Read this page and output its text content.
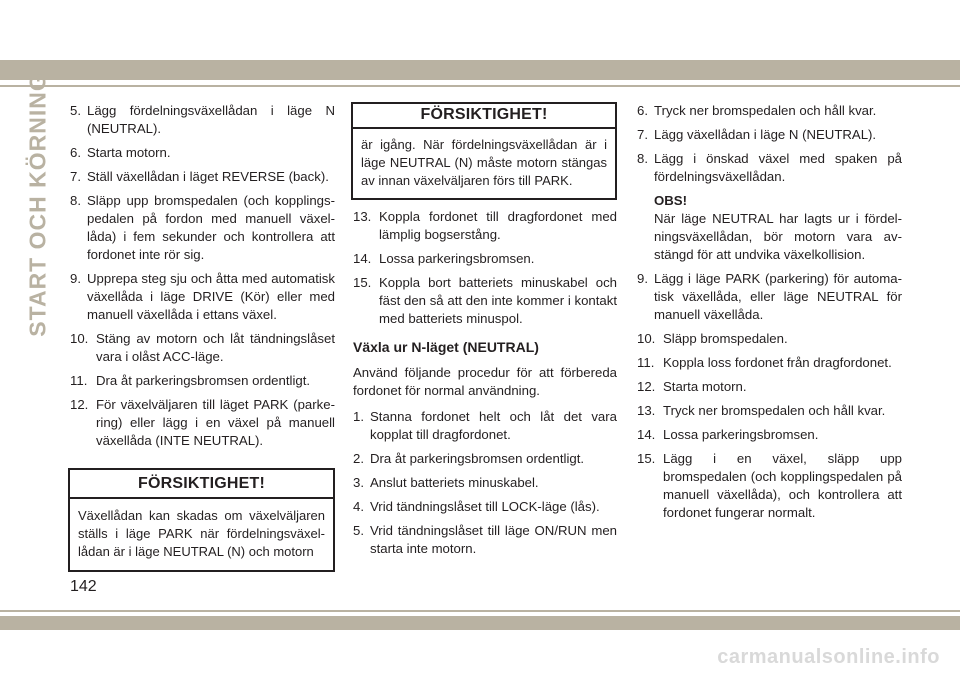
START OCH KÖRNING 5. Lägg fördelningsväxellådan i läge N (NEUTRAL).
6. Starta motorn.
7. Ställ växellådan i läget REVERSE (back).
8. Släpp upp bromspedalen (och kopplingspedalen på fordon med manuell växellåda) i fem sekunder och kontrollera att fordonet inte rör sig.
9. Upprepa steg sju och åtta med automatisk växellåda i läge DRIVE (Kör) eller med manuell växellåda i ettans växel.
10. Stäng av motorn och låt tändningslåset vara i olåst ACC-läge.
11. Dra åt parkeringsbromsen ordentligt.
12. För växelväljaren till läget PARK (parkering) eller lägg i en växel på manuell växellåda (INTE NEUTRAL).
FÖRSIKTIGHET!
Växellådan kan skadas om växelväljaren ställs i läge PARK när fördelningsväxellådan är i läge NEUTRAL (N) och motorn
FÖRSIKTIGHET!
är igång. När fördelningsväxellådan är i läge NEUTRAL (N) måste motorn stängas av innan växelväljaren förs till PARK.
13. Koppla fordonet till dragfordonet med lämplig bogserstång.
14. Lossa parkeringsbromsen.
15. Koppla bort batteriets minuskabel och fäst den så att den inte kommer i kontakt med batteriets minuspol.
Växla ur N-läget (NEUTRAL)
Använd följande procedur för att förbereda fordonet för normal användning.
1. Stanna fordonet helt och låt det vara kopplat till dragfordonet.
2. Dra åt parkeringsbromsen ordentligt.
3. Anslut batteriets minuskabel.
4. Vrid tändningslåset till LOCK-läge (lås).
5. Vrid tändningslåset till läge ON/RUN men starta inte motorn.
6. Tryck ner bromspedalen och håll kvar.
7. Lägg växellådan i läge N (NEUTRAL).
8. Lägg i önskad växel med spaken på fördelningsväxellådan.
OBS!
När läge NEUTRAL har lagts ur i fördelningsväxellådan, bör motorn vara avstängd för att undvika växelkollision.
9. Lägg i läge PARK (parkering) för automatisk växellåda, eller läge NEUTRAL för manuell växellåda.
10. Släpp bromspedalen.
11. Koppla loss fordonet från dragfordonet.
12. Starta motorn.
13. Tryck ner bromspedalen och håll kvar.
14. Lossa parkeringsbromsen.
15. Lägg i en växel, släpp upp bromspedalen (och kopplingspedalen på manuell växellåda), och kontrollera att fordonet fungerar normalt.
142
carmanualsonline.info
